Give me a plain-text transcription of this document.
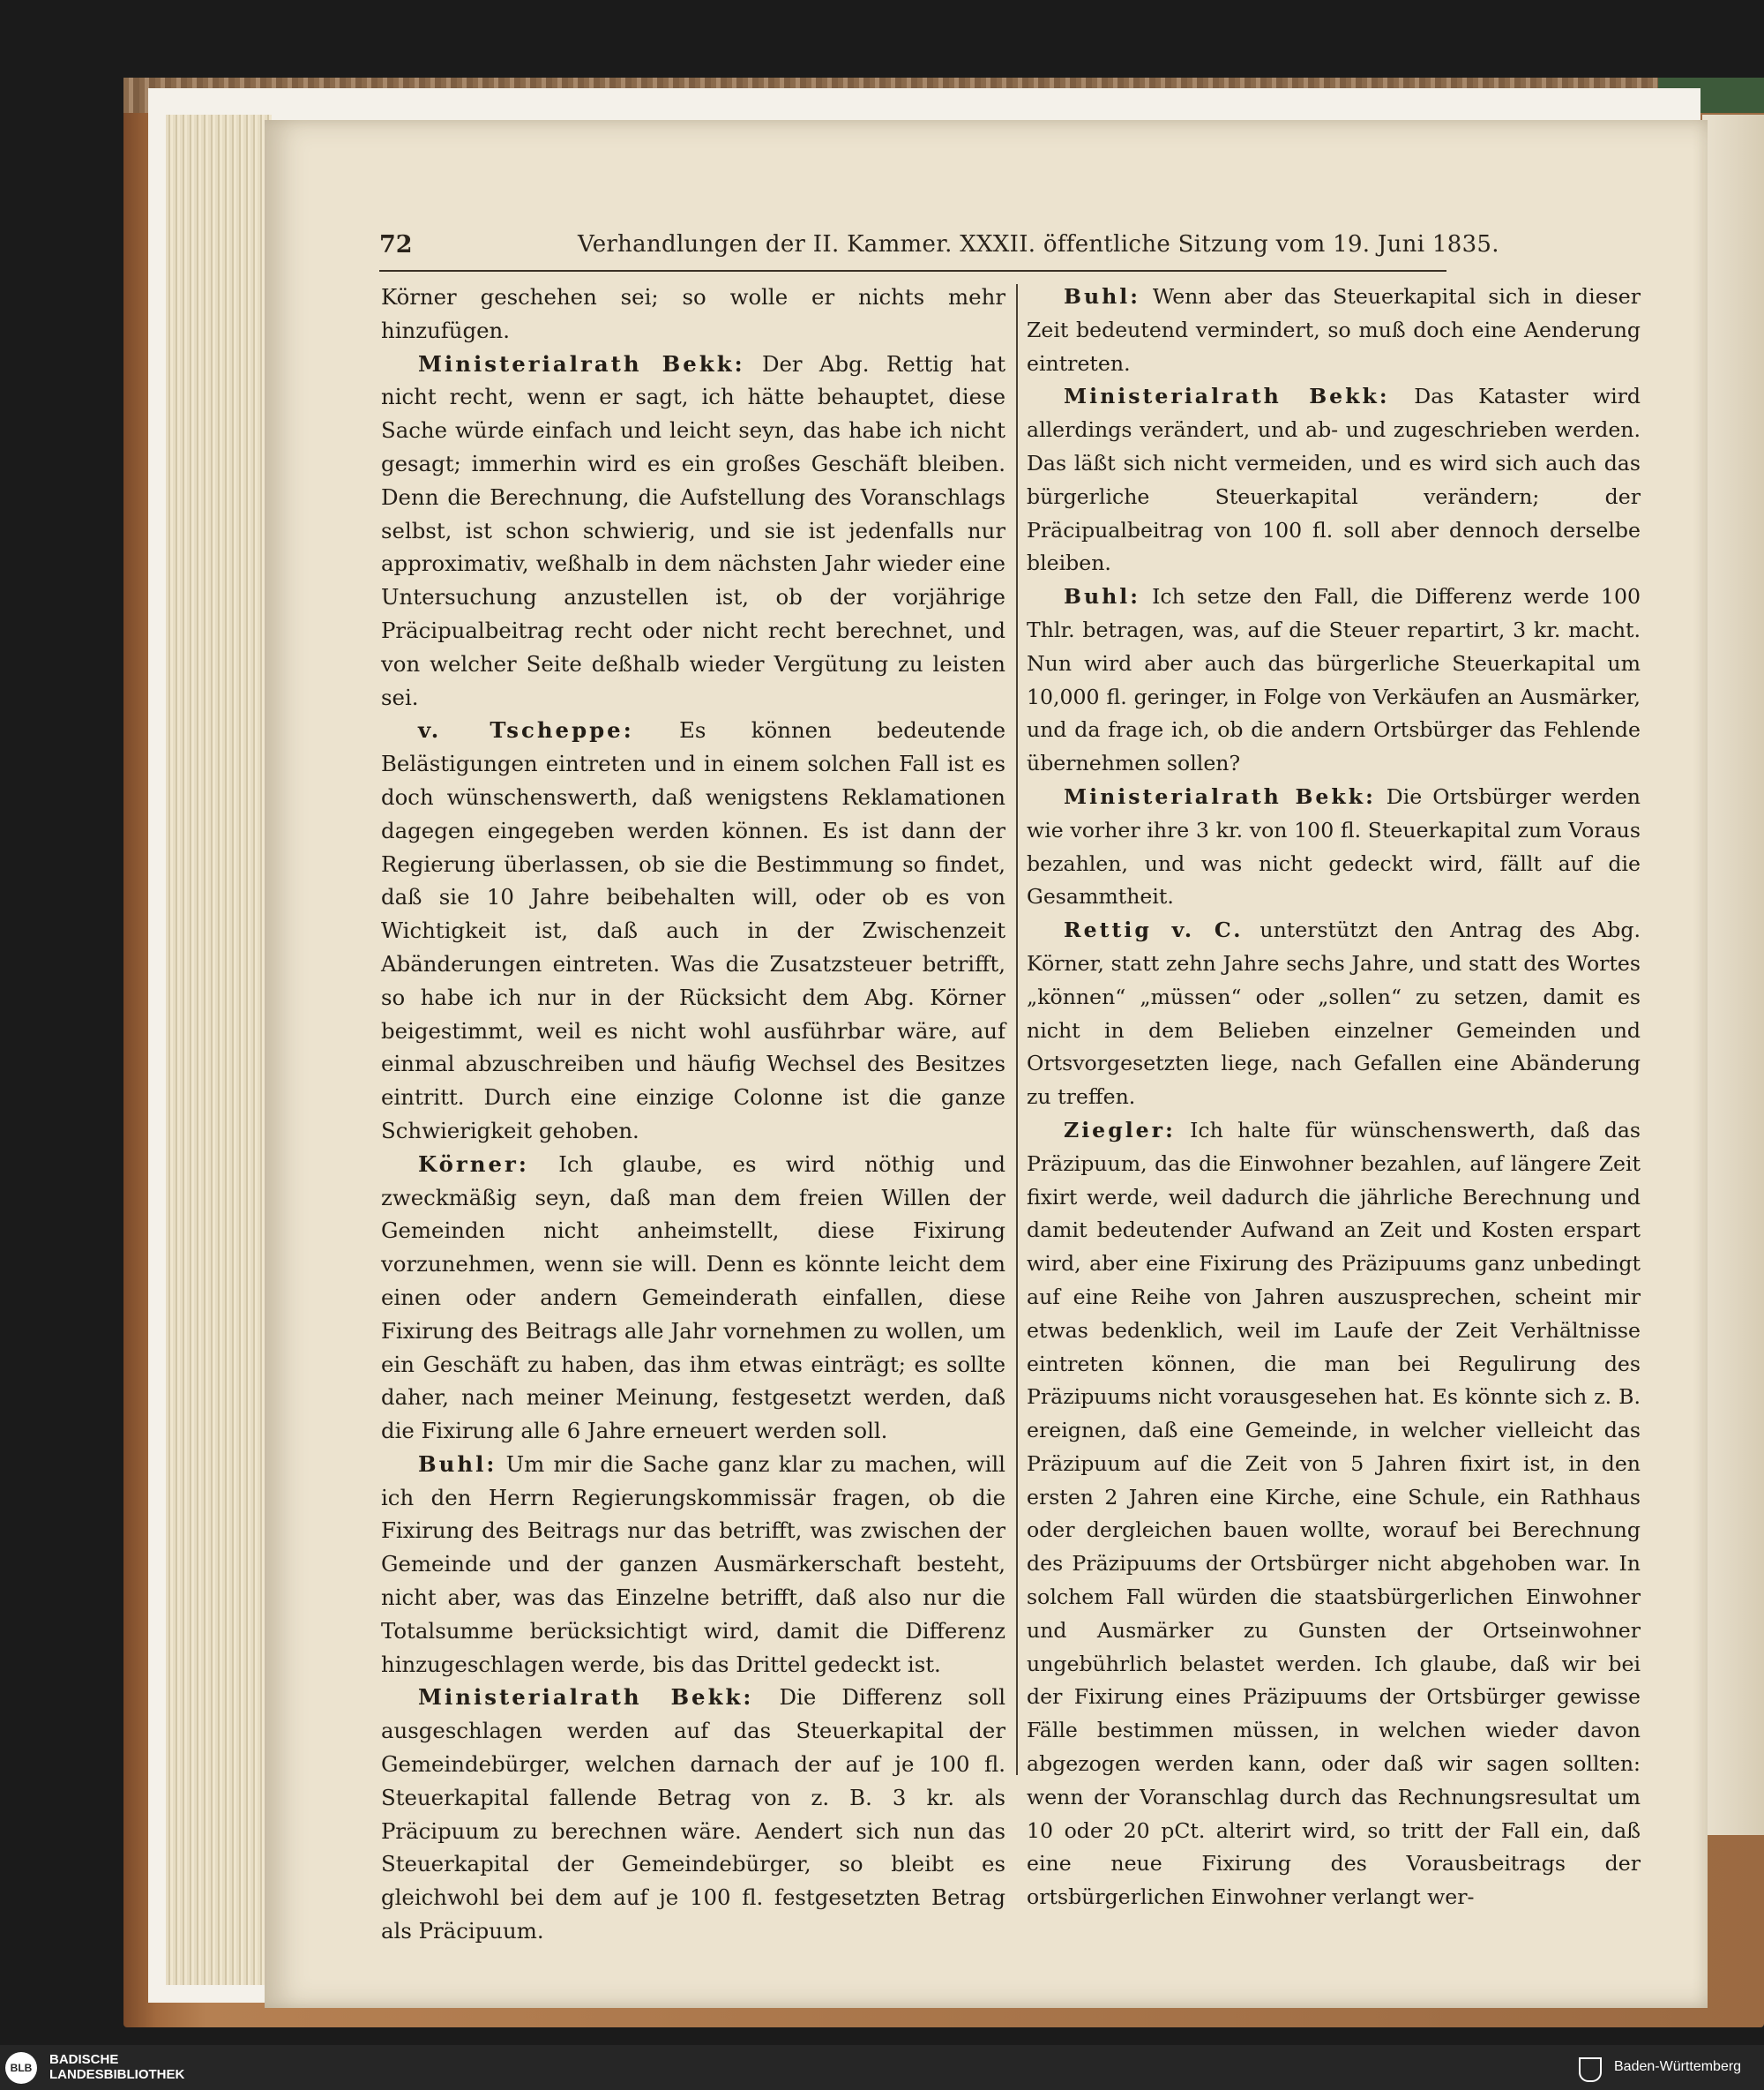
72	Verhandlungen der II. Kammer. XXXII. öffentliche Sitzung vom 19. Juni 1835.

Körner geschehen sei; so wolle er nichts mehr hinzufügen.

Ministerialrath Bekk: Der Abg. Rettig hat nicht recht, wenn er sagt, ich hätte behauptet, diese Sache würde einfach und leicht seyn, das habe ich nicht gesagt; immerhin wird es ein großes Geschäft bleiben. Denn die Berechnung, die Aufstellung des Voranschlags selbst, ist schon schwierig, und sie ist jedenfalls nur approximativ, weßhalb in dem nächsten Jahr wieder eine Untersuchung anzustellen ist, ob der vorjährige Präcipualbeitrag recht oder nicht recht berechnet, und von welcher Seite deßhalb wieder Vergütung zu leisten sei.

v. Tscheppe: Es können bedeutende Belästigungen eintreten und in einem solchen Fall ist es doch wünschenswerth, daß wenigstens Reklamationen dagegen eingegeben werden können. Es ist dann der Regierung überlassen, ob sie die Bestimmung so findet, daß sie 10 Jahre beibehalten will, oder ob es von Wichtigkeit ist, daß auch in der Zwischenzeit Abänderungen eintreten. Was die Zusatzsteuer betrifft, so habe ich nur in der Rücksicht dem Abg. Körner beigestimmt, weil es nicht wohl ausführbar wäre, auf einmal abzuschreiben und häufig Wechsel des Besitzes eintritt. Durch eine einzige Colonne ist die ganze Schwierigkeit gehoben.

Körner: Ich glaube, es wird nöthig und zweckmäßig seyn, daß man dem freien Willen der Gemeinden nicht anheimstellt, diese Fixirung vorzunehmen, wenn sie will. Denn es könnte leicht dem einen oder andern Gemeinderath einfallen, diese Fixirung des Beitrags alle Jahr vornehmen zu wollen, um ein Geschäft zu haben, das ihm etwas einträgt; es sollte daher, nach meiner Meinung, festgesetzt werden, daß die Fixirung alle 6 Jahre erneuert werden soll.

Buhl: Um mir die Sache ganz klar zu machen, will ich den Herrn Regierungskommissär fragen, ob die Fixirung des Beitrags nur das betrifft, was zwischen der Gemeinde und der ganzen Ausmärkerschaft besteht, nicht aber, was das Einzelne betrifft, daß also nur die Totalsumme berücksichtigt wird, damit die Differenz hinzugeschlagen werde, bis das Drittel gedeckt ist.

Ministerialrath Bekk: Die Differenz soll ausgeschlagen werden auf das Steuerkapital der Gemeindebürger, welchen darnach der auf je 100 fl. Steuerkapital fallende Betrag von z. B. 3 kr. als Präcipuum zu berechnen wäre. Aendert sich nun das Steuerkapital der Gemeindebürger, so bleibt es gleichwohl bei dem auf je 100 fl. festgesetzten Betrag als Präcipuum.

Buhl: Wenn aber das Steuerkapital sich in dieser Zeit bedeutend vermindert, so muß doch eine Aenderung eintreten.

Ministerialrath Bekk: Das Kataster wird allerdings verändert, und ab- und zugeschrieben werden. Das läßt sich nicht vermeiden, und es wird sich auch das bürgerliche Steuerkapital verändern; der Präcipualbeitrag von 100 fl. soll aber dennoch derselbe bleiben.

Buhl: Ich setze den Fall, die Differenz werde 100 Thlr. betragen, was, auf die Steuer repartirt, 3 kr. macht. Nun wird aber auch das bürgerliche Steuerkapital um 10,000 fl. geringer, in Folge von Verkäufen an Ausmärker, und da frage ich, ob die andern Ortsbürger das Fehlende übernehmen sollen?

Ministerialrath Bekk: Die Ortsbürger werden wie vorher ihre 3 kr. von 100 fl. Steuerkapital zum Voraus bezahlen, und was nicht gedeckt wird, fällt auf die Gesammtheit.

Rettig v. C. unterstützt den Antrag des Abg. Körner, statt zehn Jahre sechs Jahre, und statt des Wortes „können“ „müssen“ oder „sollen“ zu setzen, damit es nicht in dem Belieben einzelner Gemeinden und Ortsvorgesetzten liege, nach Gefallen eine Abänderung zu treffen.

Ziegler: Ich halte für wünschenswerth, daß das Präzipuum, das die Einwohner bezahlen, auf längere Zeit fixirt werde, weil dadurch die jährliche Berechnung und damit bedeutender Aufwand an Zeit und Kosten erspart wird, aber eine Fixirung des Präzipuums ganz unbedingt auf eine Reihe von Jahren auszusprechen, scheint mir etwas bedenklich, weil im Laufe der Zeit Verhältnisse eintreten können, die man bei Regulirung des Präzipuums nicht vorausgesehen hat. Es könnte sich z. B. ereignen, daß eine Gemeinde, in welcher vielleicht das Präzipuum auf die Zeit von 5 Jahren fixirt ist, in den ersten 2 Jahren eine Kirche, eine Schule, ein Rathhaus oder dergleichen bauen wollte, worauf bei Berechnung des Präzipuums der Ortsbürger nicht abgehoben war. In solchem Fall würden die staatsbürgerlichen Einwohner und Ausmärker zu Gunsten der Ortseinwohner ungebührlich belastet werden. Ich glaube, daß wir bei der Fixirung eines Präzipuums der Ortsbürger gewisse Fälle bestimmen müssen, in welchen wieder davon abgezogen werden kann, oder daß wir sagen sollten: wenn der Voranschlag durch das Rechnungsresultat um 10 oder 20 pCt. alterirt wird, so tritt der Fall ein, daß eine neue Fixirung des Vorausbeitrags der ortsbürgerlichen Einwohner verlangt wer-

BLB
BADISCHE
LANDESBIBLIOTHEK
Baden-Württemberg
